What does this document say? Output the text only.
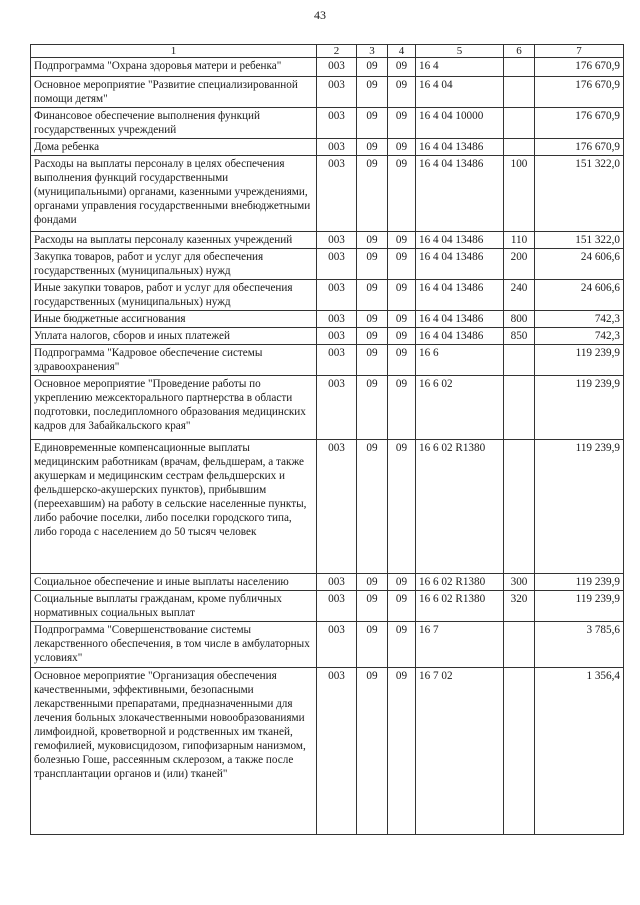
43
1	2	3	4	5	6	7
Подпрограмма "Охрана здоровья матери и ребенка"	003	09	09	16 4		176 670,9
Основное мероприятие "Развитие специализированной помощи детям"	003	09	09	16 4 04		176 670,9
Финансовое обеспечение выполнения функций государственных учреждений	003	09	09	16 4 04 10000		176 670,9
Дома ребенка	003	09	09	16 4 04 13486		176 670,9
Расходы на выплаты персоналу в целях обеспечения выполнения функций государственными (муниципальными) органами, казенными учреждениями, органами управления государственными внебюджетными фондами	003	09	09	16 4 04 13486	100	151 322,0
Расходы на выплаты персоналу казенных учреждений	003	09	09	16 4 04 13486	110	151 322,0
Закупка товаров, работ и услуг для обеспечения государственных (муниципальных) нужд	003	09	09	16 4 04 13486	200	24 606,6
Иные закупки товаров, работ и услуг для обеспечения государственных (муниципальных) нужд	003	09	09	16 4 04 13486	240	24 606,6
Иные бюджетные ассигнования	003	09	09	16 4 04 13486	800	742,3
Уплата налогов, сборов и иных платежей	003	09	09	16 4 04 13486	850	742,3
Подпрограмма "Кадровое обеспечение системы здравоохранения"	003	09	09	16 6		119 239,9
Основное мероприятие "Проведение работы по укреплению межсекторального партнерства в области подготовки, последипломного образования медицинских кадров для Забайкальского края"	003	09	09	16 6 02		119 239,9
Единовременные компенсационные выплаты медицинским работникам (врачам, фельдшерам, а также акушеркам и медицинским сестрам фельдшерских и фельдшерско-акушерских пунктов), прибывшим (переехавшим) на работу в сельские населенные пункты, либо рабочие поселки, либо поселки городского типа, либо города с населением до 50 тысяч человек	003	09	09	16 6 02 R1380		119 239,9
Социальное обеспечение и иные выплаты населению	003	09	09	16 6 02 R1380	300	119 239,9
Социальные выплаты гражданам, кроме публичных нормативных социальных выплат	003	09	09	16 6 02 R1380	320	119 239,9
Подпрограмма "Совершенствование системы лекарственного обеспечения, в том числе в амбулаторных условиях"	003	09	09	16 7		3 785,6
Основное мероприятие "Организация обеспечения качественными, эффективными, безопасными лекарственными препаратами, предназначенными для лечения больных злокачественными новообразованиями лимфоидной, кроветворной и родственных им тканей, гемофилией, муковисцидозом, гипофизарным нанизмом, болезнью Гоше, рассеянным склерозом, а также после трансплантации органов и (или) тканей"	003	09	09	16 7 02		1 356,4
